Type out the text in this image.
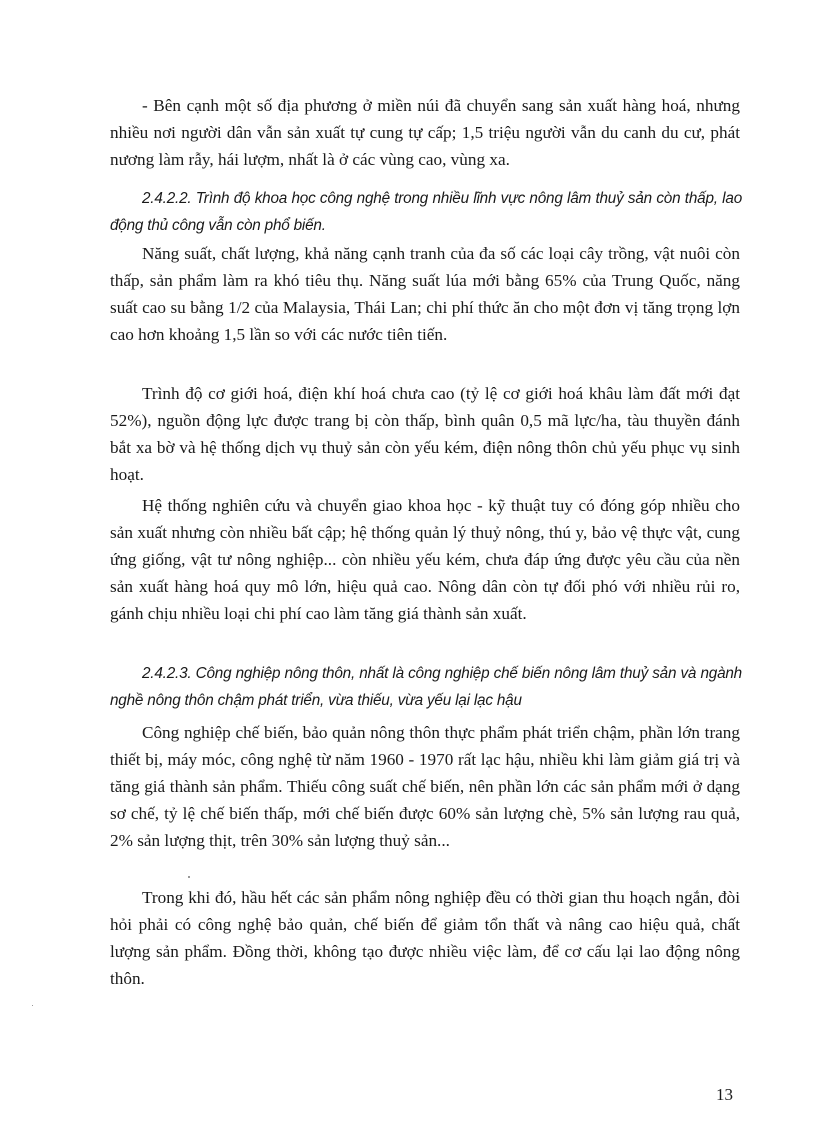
- Bên cạnh một số địa phương ở miền núi đã chuyển sang sản xuất hàng hoá, nhưng nhiều nơi người dân vẫn sản xuất tự cung tự cấp; 1,5 triệu người vẫn du canh du cư, phát nương làm rẫy, hái lượm, nhất là ở các vùng cao, vùng xa.

2.4.2.2. Trình độ khoa học công nghệ trong nhiều lĩnh vực nông lâm thuỷ sản còn thấp, lao động thủ công vẫn còn phổ biến.

Năng suất, chất lượng, khả năng cạnh tranh của đa số các loại cây trồng, vật nuôi còn thấp, sản phẩm làm ra khó tiêu thụ. Năng suất lúa mới bằng 65% của Trung Quốc, năng suất cao su bằng 1/2 của Malaysia, Thái Lan; chi phí thức ăn cho một đơn vị tăng trọng lợn cao hơn khoảng 1,5 lần so với các nước tiên tiến.

Trình độ cơ giới hoá, điện khí hoá chưa cao (tỷ lệ cơ giới hoá khâu làm đất mới đạt 52%), nguồn động lực được trang bị còn thấp, bình quân 0,5 mã lực/ha, tàu thuyền đánh bắt xa bờ và hệ thống dịch vụ thuỷ sản còn yếu kém, điện nông thôn chủ yếu phục vụ sinh hoạt.

Hệ thống nghiên cứu và chuyển giao khoa học - kỹ thuật tuy có đóng góp nhiều cho sản xuất nhưng còn nhiều bất cập; hệ thống quản lý thuỷ nông, thú y, bảo vệ thực vật, cung ứng giống, vật tư nông nghiệp... còn nhiều yếu kém, chưa đáp ứng được yêu cầu của nền sản xuất hàng hoá quy mô lớn, hiệu quả cao. Nông dân còn tự đối phó với nhiều rủi ro, gánh chịu nhiều loại chi phí cao làm tăng giá thành sản xuất.

2.4.2.3. Công nghiệp nông thôn, nhất là công nghiệp chế biến nông lâm thuỷ sản và ngành nghề nông thôn chậm phát triển, vừa thiếu, vừa yếu lại lạc hậu

Công nghiệp chế biến, bảo quản nông thôn thực phẩm phát triển chậm, phần lớn trang thiết bị, máy móc, công nghệ từ năm 1960 - 1970 rất lạc hậu, nhiều khi làm giảm giá trị và tăng giá thành sản phẩm. Thiếu công suất chế biến, nên phần lớn các sản phẩm mới ở dạng sơ chế, tỷ lệ chế biến thấp, mới chế biến được 60% sản lượng chè, 5% sản lượng rau quả, 2% sản lượng thịt, trên 30% sản lượng thuỷ sản...

Trong khi đó, hầu hết các sản phẩm nông nghiệp đều có thời gian thu hoạch ngắn, đòi hỏi phải có công nghệ bảo quản, chế biến để giảm tổn thất và nâng cao hiệu quả, chất lượng sản phẩm. Đồng thời, không tạo được nhiều việc làm, để cơ cấu lại lao động nông thôn.

13
